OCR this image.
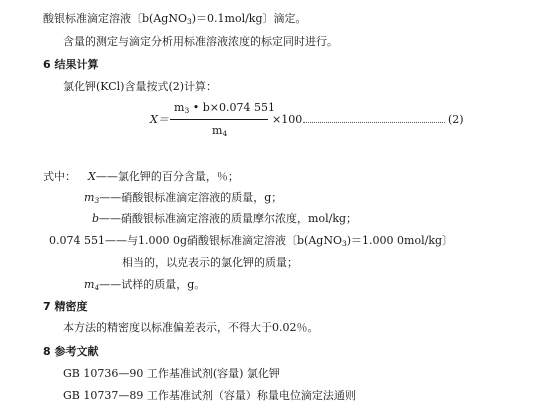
酸银标准滴定溶液〔b(AgNO$_3$)＝0.1mol/kg〕滴定。
含量的测定与滴定分析用标准溶液浓度的标定同时进行。
6 结果计算
氯化钾(KCl)含量按式(2)计算：
X＝
$m_3$ • b×0.074 551
$m_4$
×100	(2)
式中： X——氯化钾的百分含量，％；
$m_3——$硝酸银标准滴定溶液的质量，g；
b——硝酸银标准滴定溶液的质量摩尔浓度，mol/kg；
0.074 551——与1.000 0g硝酸银标准滴定溶液〔b(AgNO$_3$)＝1.000 0mol/kg〕
相当的，以克表示的氯化钾的质量；
$m_4——$试样的质量，g。
7 精密度
本方法的精密度以标准偏差表示，不得大于0.02％。
8 参考文献
GB 10736—90 工作基准试剂(容量) 氯化钾
GB 10737—89 工作基准试剂（容量）称量电位滴定法通则
